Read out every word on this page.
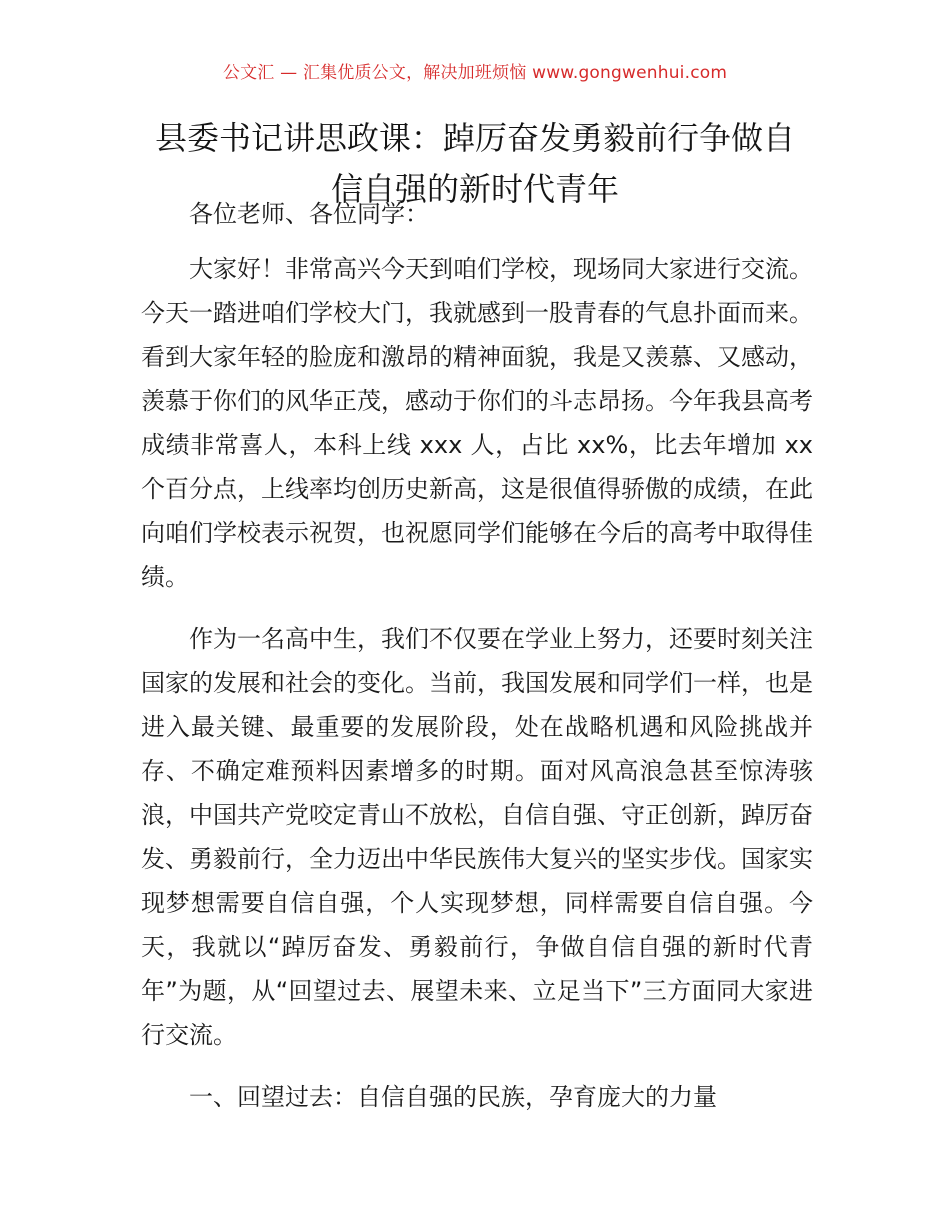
公文汇 — 汇集优质公文，解决加班烦恼 www.gongwenhui.com
县委书记讲思政课：踔厉奋发勇毅前行争做自
信自强的新时代青年

各位老师、各位同学：

大家好！非常高兴今天到咱们学校，现场同大家进行交流。今天一踏进咱们学校大门，我就感到一股青春的气息扑面而来。看到大家年轻的脸庞和激昂的精神面貌，我是又羡慕、又感动，羡慕于你们的风华正茂，感动于你们的斗志昂扬。今年我县高考成绩非常喜人，本科上线 xxx 人，占比 xx%，比去年增加 xx 个百分点，上线率均创历史新高，这是很值得骄傲的成绩，在此向咱们学校表示祝贺，也祝愿同学们能够在今后的高考中取得佳绩。

作为一名高中生，我们不仅要在学业上努力，还要时刻关注国家的发展和社会的变化。当前，我国发展和同学们一样，也是进入最关键、最重要的发展阶段，处在战略机遇和风险挑战并存、不确定难预料因素增多的时期。面对风高浪急甚至惊涛骇浪，中国共产党咬定青山不放松，自信自强、守正创新，踔厉奋发、勇毅前行，全力迈出中华民族伟大复兴的坚实步伐。国家实现梦想需要自信自强，个人实现梦想，同样需要自信自强。今天，我就以“踔厉奋发、勇毅前行，争做自信自强的新时代青年”为题，从“回望过去、展望未来、立足当下”三方面同大家进行交流。

一、回望过去：自信自强的民族，孕育庞大的力量
